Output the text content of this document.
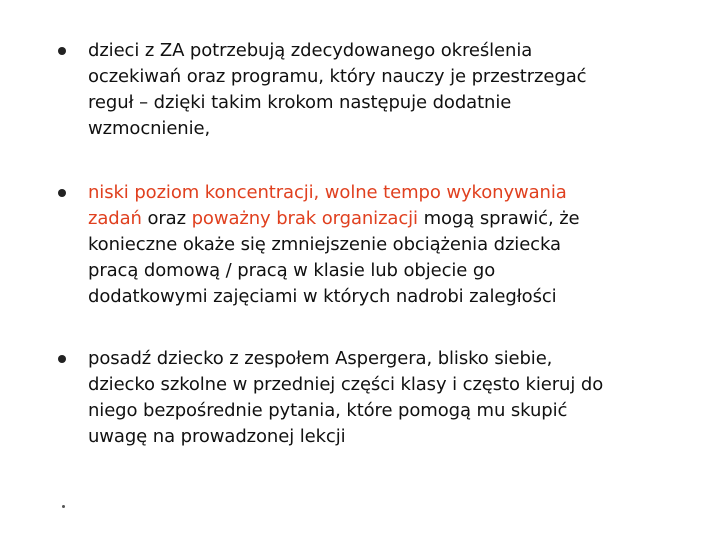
dzieci z ZA potrzebują zdecydowanego określenia
oczekiwań oraz programu, który nauczy je przestrzegać
reguł – dzięki takim krokom następuje dodatnie
wzmocnienie,
niski poziom koncentracji, wolne tempo wykonywania
zadań oraz poważny brak organizacji mogą sprawić, że
konieczne okaże się zmniejszenie obciążenia dziecka
pracą domową / pracą w klasie lub objecie go
dodatkowymi zajęciami w których nadrobi zaległości
posadź dziecko z zespołem Aspergera, blisko siebie,
dziecko szkolne w przedniej części klasy i często kieruj do
niego bezpośrednie pytania, które pomogą mu skupić
uwagę na prowadzonej lekcji
